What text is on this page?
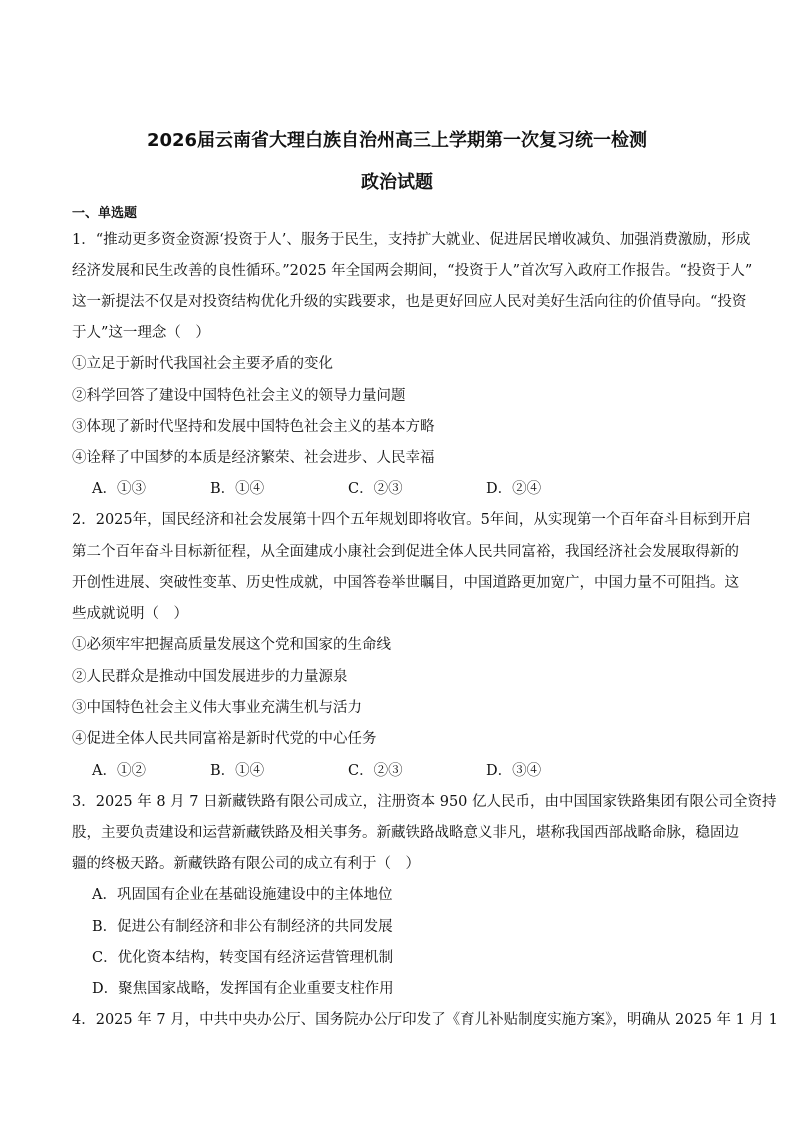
2026届云南省大理白族自治州高三上学期第一次复习统一检测
政治试题
一、单选题
1．“推动更多资金资源‘投资于人’、服务于民生，支持扩大就业、促进居民增收减负、加强消费激励，形成
经济发展和民生改善的良性循环。”2025 年全国两会期间，“投资于人”首次写入政府工作报告。“投资于人”
这一新提法不仅是对投资结构优化升级的实践要求，也是更好回应人民对美好生活向往的价值导向。“投资
于人”这一理念（　）
①立足于新时代我国社会主要矛盾的变化
②科学回答了建设中国特色社会主义的领导力量问题
③体现了新时代坚持和发展中国特色社会主义的基本方略
④诠释了中国梦的本质是经济繁荣、社会进步、人民幸福
A．①③	B．①④	C．②③	D．②④
2．2025年，国民经济和社会发展第十四个五年规划即将收官。5年间，从实现第一个百年奋斗目标到开启
第二个百年奋斗目标新征程，从全面建成小康社会到促进全体人民共同富裕，我国经济社会发展取得新的
开创性进展、突破性变革、历史性成就，中国答卷举世瞩目，中国道路更加宽广，中国力量不可阻挡。这
些成就说明（　）
①必须牢牢把握高质量发展这个党和国家的生命线
②人民群众是推动中国发展进步的力量源泉
③中国特色社会主义伟大事业充满生机与活力
④促进全体人民共同富裕是新时代党的中心任务
A．①②	B．①④	C．②③	D．③④
3．2025 年 8 月 7 日新藏铁路有限公司成立，注册资本 950 亿人民币，由中国国家铁路集团有限公司全资持
股，主要负责建设和运营新藏铁路及相关事务。新藏铁路战略意义非凡，堪称我国西部战略命脉，稳固边
疆的终极天路。新藏铁路有限公司的成立有利于（　）
A．巩固国有企业在基础设施建设中的主体地位
B．促进公有制经济和非公有制经济的共同发展
C．优化资本结构，转变国有经济运营管理机制
D．聚焦国家战略，发挥国有企业重要支柱作用
4．2025 年 7 月，中共中央办公厅、国务院办公厅印发了《育儿补贴制度实施方案》，明确从 2025 年 1 月 1
